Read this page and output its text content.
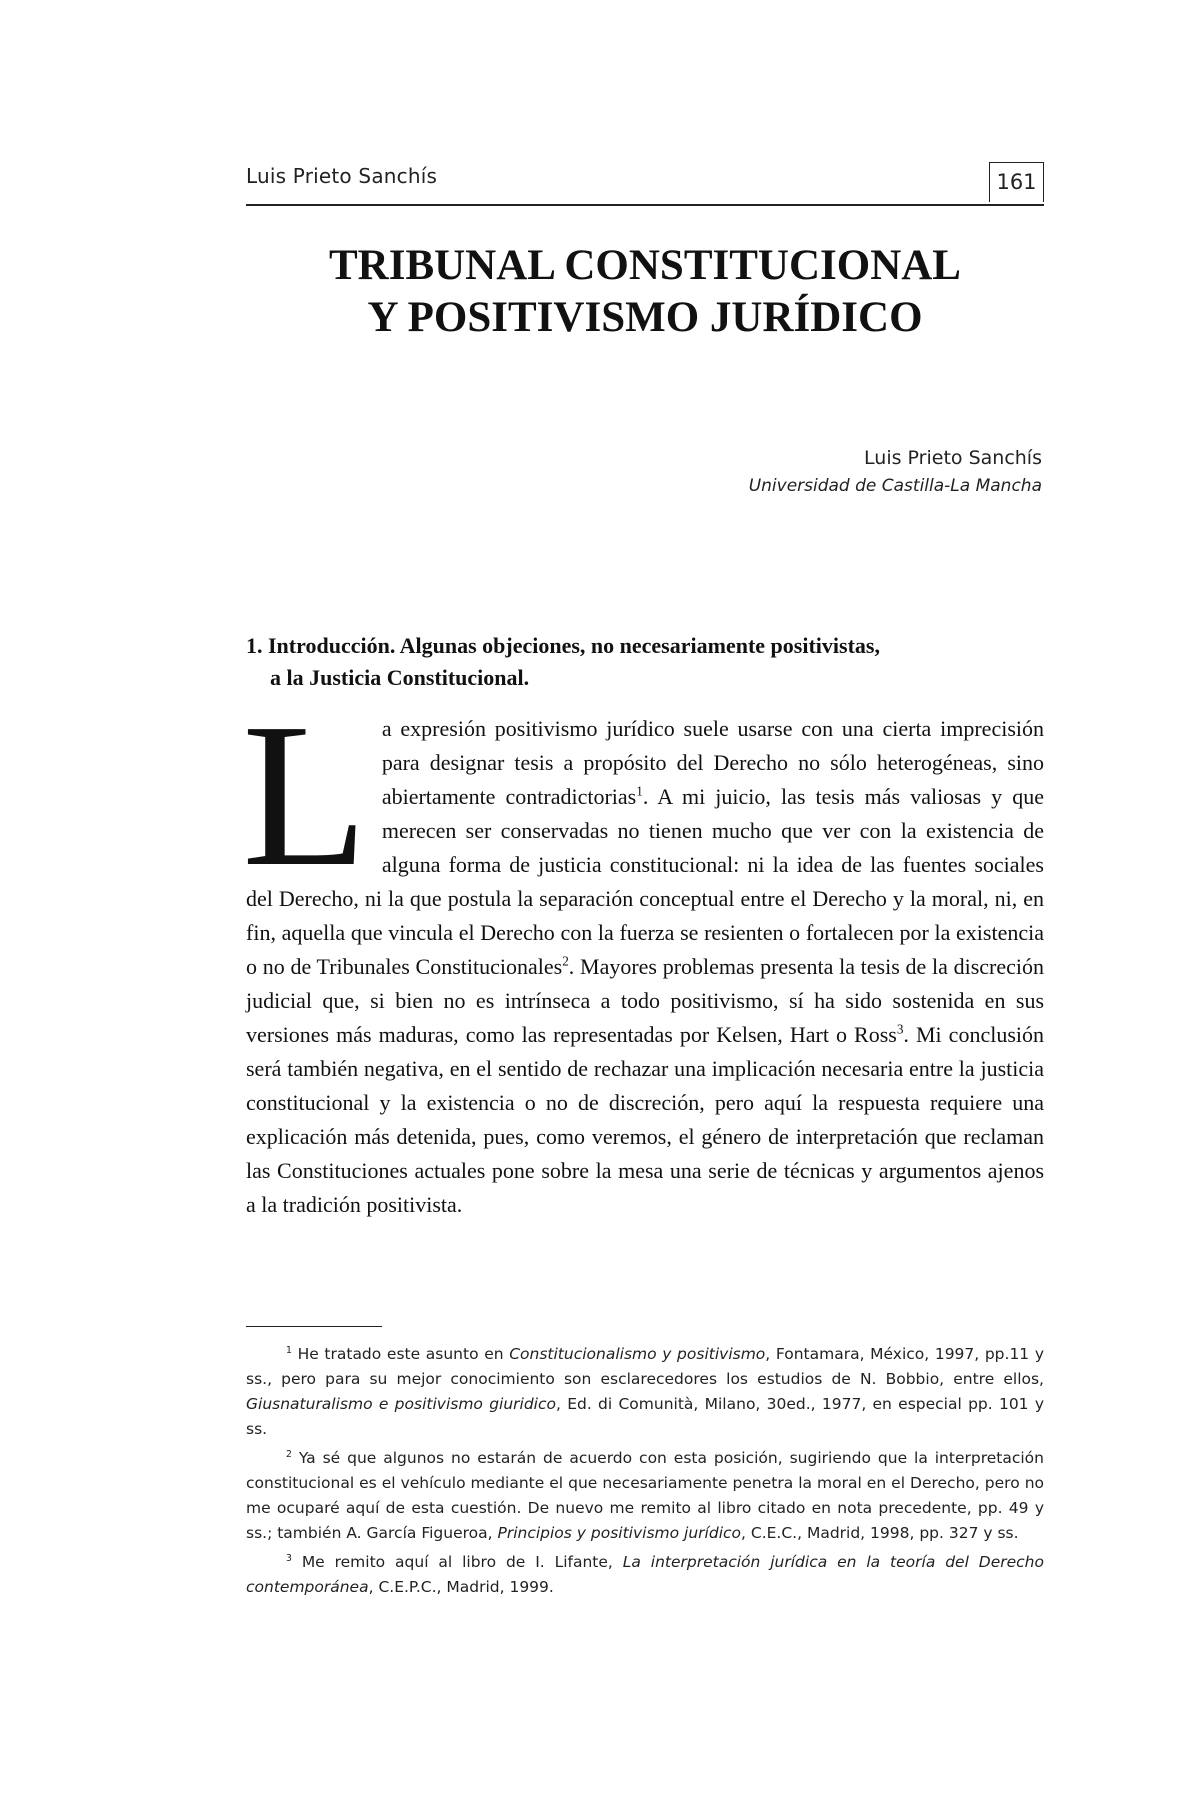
Luis Prieto Sanchís	161
TRIBUNAL CONSTITUCIONAL
Y POSITIVISMO JURÍDICO
Luis Prieto Sanchís
Universidad de Castilla-La Mancha
1. Introducción. Algunas objeciones, no necesariamente positivistas,
a la Justicia Constitucional.

La expresión positivismo jurídico suele usarse con una cierta imprecisión para designar tesis a propósito del Derecho no sólo heterogéneas, sino abiertamente contradictorias$^1$. A mi juicio, las tesis más valiosas y que merecen ser conservadas no tienen mucho que ver con la existencia de alguna forma de justicia constitucional: ni la idea de las fuentes sociales del Derecho, ni la que postula la separación conceptual entre el Derecho y la moral, ni, en fin, aquella que vincula el Derecho con la fuerza se resienten o fortalecen por la existencia o no de Tribunales Constitucionales$^2$. Mayores problemas presenta la tesis de la discreción judicial que, si bien no es intrínseca a todo positivismo, sí ha sido sostenida en sus versiones más maduras, como las representadas por Kelsen, Hart o Ross$^3$. Mi conclusión será también negativa, en el sentido de rechazar una implicación necesaria entre la justicia constitucional y la existencia o no de discreción, pero aquí la respuesta requiere una explicación más detenida, pues, como veremos, el género de interpretación que reclaman las Constituciones actuales pone sobre la mesa una serie de técnicas y argumentos ajenos a la tradición positivista.

$^1$ He tratado este asunto en Constitucionalismo y positivismo, Fontamara, México, 1997, pp.11 y ss., pero para su mejor conocimiento son esclarecedores los estudios de N. Bobbio, entre ellos, Giusnaturalismo e positivismo giuridico, Ed. di Comunità, Milano, 30ed., 1977, en especial pp. 101 y ss.

$^2$ Ya sé que algunos no estarán de acuerdo con esta posición, sugiriendo que la interpretación constitucional es el vehículo mediante el que necesariamente penetra la moral en el Derecho, pero no me ocuparé aquí de esta cuestión. De nuevo me remito al libro citado en nota precedente, pp. 49 y ss.; también A. García Figueroa, Principios y positivismo jurídico, C.E.C., Madrid, 1998, pp. 327 y ss.

$^3$ Me remito aquí al libro de I. Lifante, La interpretación jurídica en la teoría del Derecho contemporánea, C.E.P.C., Madrid, 1999.
